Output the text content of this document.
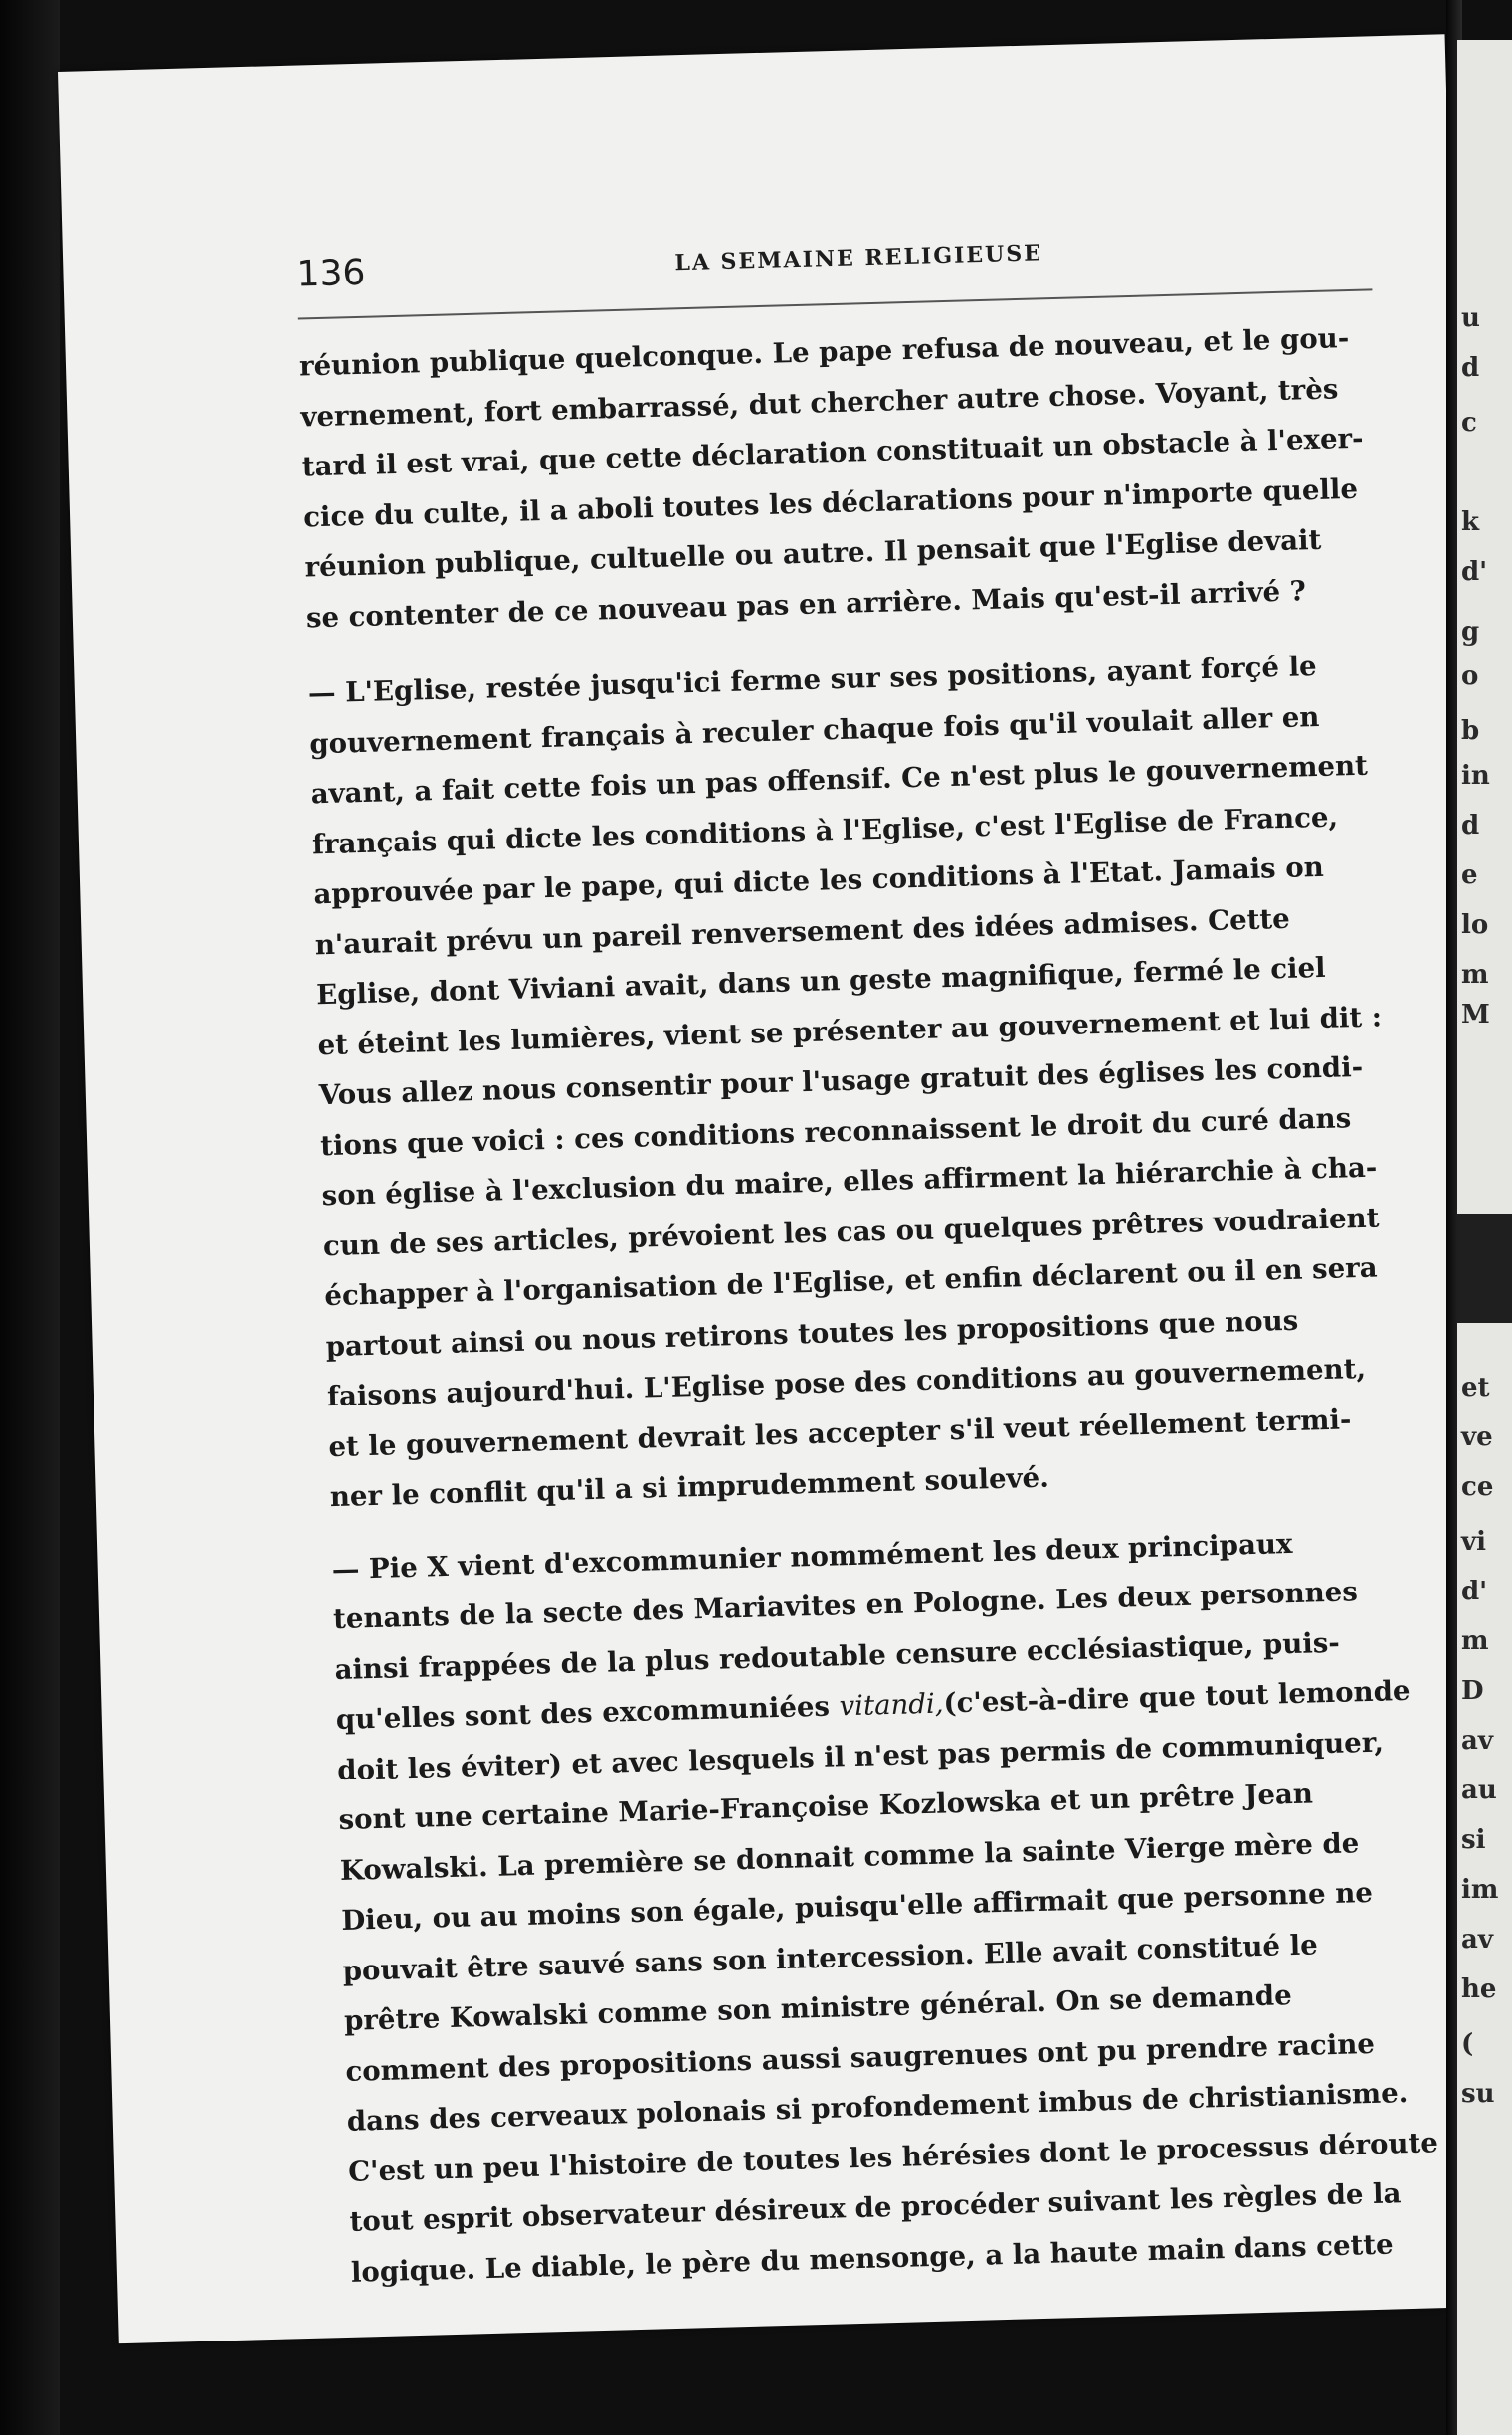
136	LA SEMAINE RELIGIEUSE

réunion publique quelconque. Le pape refusa de nouveau, et le gou-
vernement, fort embarrassé, dut chercher autre chose. Voyant, très
tard il est vrai, que cette déclaration constituait un obstacle à l'exer-
cice du culte, il a aboli toutes les déclarations pour n'importe quelle
réunion publique, cultuelle ou autre. Il pensait que l'Eglise devait
se contenter de ce nouveau pas en arrière. Mais qu'est-il arrivé ?

— L'Eglise, restée jusqu'ici ferme sur ses positions, ayant forçé le
gouvernement français à reculer chaque fois qu'il voulait aller en
avant, a fait cette fois un pas offensif. Ce n'est plus le gouvernement
français qui dicte les conditions à l'Eglise, c'est l'Eglise de France,
approuvée par le pape, qui dicte les conditions à l'Etat. Jamais on
n'aurait prévu un pareil renversement des idées admises. Cette
Eglise, dont Viviani avait, dans un geste magnifique, fermé le ciel
et éteint les lumières, vient se présenter au gouvernement et lui dit :
Vous allez nous consentir pour l'usage gratuit des églises les condi-
tions que voici : ces conditions reconnaissent le droit du curé dans
son église à l'exclusion du maire, elles affirment la hiérarchie à cha-
cun de ses articles, prévoient les cas ou quelques prêtres voudraient
échapper à l'organisation de l'Eglise, et enfin déclarent ou il en sera
partout ainsi ou nous retirons toutes les propositions que nous
faisons aujourd'hui. L'Eglise pose des conditions au gouvernement,
et le gouvernement devrait les accepter s'il veut réellement termi-
ner le conflit qu'il a si imprudemment soulevé.

— Pie X vient d'excommunier nommément les deux principaux
tenants de la secte des Mariavites en Pologne. Les deux personnes
ainsi frappées de la plus redoutable censure ecclésiastique, puis-
qu'elles sont des excommuniées vitandi,(c'est-à-dire que tout lemonde
doit les éviter) et avec lesquels il n'est pas permis de communiquer,
sont une certaine Marie-Françoise Kozlowska et un prêtre Jean
Kowalski. La première se donnait comme la sainte Vierge mère de
Dieu, ou au moins son égale, puisqu'elle affirmait que personne ne
pouvait être sauvé sans son intercession. Elle avait constitué le
prêtre Kowalski comme son ministre général. On se demande
comment des propositions aussi saugrenues ont pu prendre racine
dans des cerveaux polonais si profondement imbus de christianisme.
C'est un peu l'histoire de toutes les hérésies dont le processus déroute
tout esprit observateur désireux de procéder suivant les règles de la
logique. Le diable, le père du mensonge, a la haute main dans cette

u
d
c
k
d'
g
o
b
in
d
e
lo
m
M
et
ve
ce
vi
d'
m
D
av
au
si
im
av
he
(
su
